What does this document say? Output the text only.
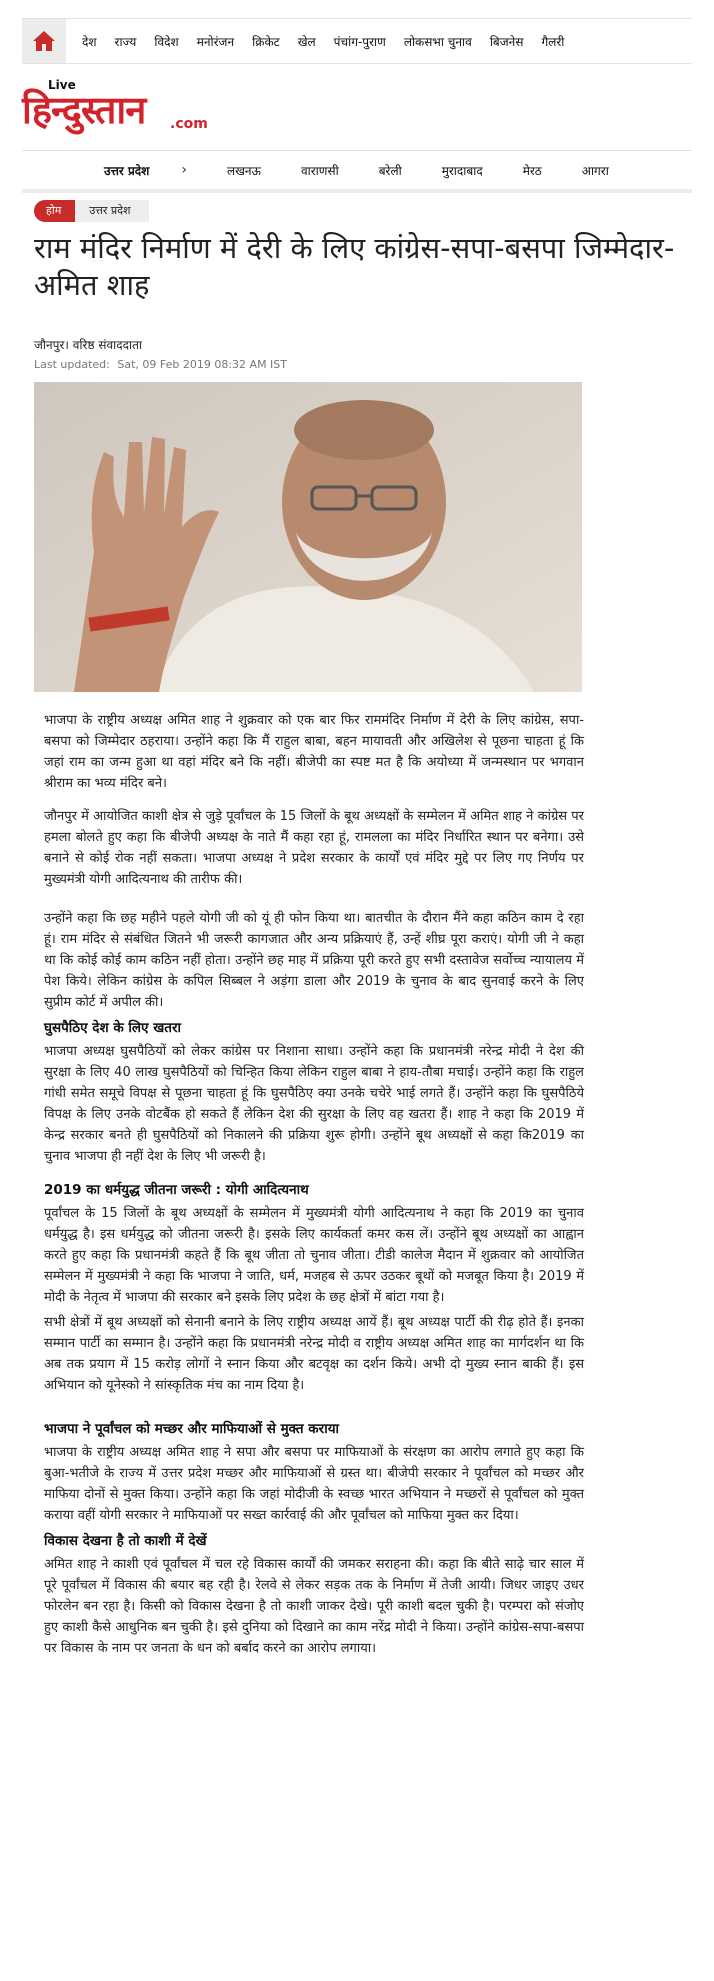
देश राज्य विदेश मनोरंजन क्रिकेट खेल पंचांग-पुराण लोकसभा चुनाव बिजनेस गैलरी
Live
हिन्दुस्तान .com
उत्तर प्रदेश ›	लखनऊ	वाराणसी	बरेली	मुरादाबाद	मेरठ	आगरा
होम	उत्तर प्रदेश
राम मंदिर निर्माण में देरी के लिए कांग्रेस-सपा-बसपा जिम्मेदार- अमित शाह
जौनपुर। वरिष्ठ संवाददाता
Last updated: Sat, 09 Feb 2019 08:32 AM IST

भाजपा के राष्ट्रीय अध्यक्ष अमित शाह ने शुक्रवार को एक बार फिर राममंदिर निर्माण में देरी के लिए कांग्रेस, सपा-बसपा को जिम्मेदार ठहराया। उन्होंने कहा कि मैं राहुल बाबा, बहन मायावती और अखिलेश से पूछना चाहता हूं कि जहां राम का जन्म हुआ था वहां मंदिर बने कि नहीं। बीजेपी का स्पष्ट मत है कि अयोध्या में जन्मस्थान पर भगवान श्रीराम का भव्य मंदिर बने।

जौनपुर में आयोजित काशी क्षेत्र से जुड़े पूर्वांचल के 15 जिलों के बूथ अध्यक्षों के सम्मेलन में अमित शाह ने कांग्रेस पर हमला बोलते हुए कहा कि बीजेपी अध्यक्ष के नाते मैं कहा रहा हूं, रामलला का मंदिर निर्धारित स्थान पर बनेगा। उसे बनाने से कोई रोक नहीं सकता। भाजपा अध्यक्ष ने प्रदेश सरकार के कार्यों एवं मंदिर मुद्दे पर लिए गए निर्णय पर मुख्यमंत्री योगी आदित्यनाथ की तारीफ की।

उन्होंने कहा कि छह महीने पहले योगी जी को यूं ही फोन किया था। बातचीत के दौरान मैंने कहा कठिन काम दे रहा हूं। राम मंदिर से संबंधित जितने भी जरूरी कागजात और अन्य प्रक्रियाएं हैं, उन्हें शीघ्र पूरा कराएं। योगी जी ने कहा था कि कोई कोई काम कठिन नहीं होता। उन्होंने छह माह में प्रक्रिया पूरी करते हुए सभी दस्तावेज सर्वोच्च न्यायालय में पेश किये। लेकिन कांग्रेस के कपिल सिब्बल ने अड़ंगा डाला और 2019 के चुनाव के बाद सुनवाई करने के लिए सुप्रीम कोर्ट में अपील की।

घुसपैठिए देश के लिए खतरा

भाजपा अध्यक्ष घुसपैठियों को लेकर कांग्रेस पर निशाना साधा। उन्होंने कहा कि प्रधानमंत्री नरेन्द्र मोदी ने देश की सुरक्षा के लिए 40 लाख घुसपैठियों को चिन्हित किया लेकिन राहुल बाबा ने हाय-तौबा मचाई। उन्होंने कहा कि राहुल गांधी समेत समूचे विपक्ष से पूछना चाहता हूं कि घुसपैठिए क्या उनके चचेरे भाई लगते हैं। उन्होंने कहा कि घुसपैठिये विपक्ष के लिए उनके वोटबैंक हो सकते हैं लेकिन देश की सुरक्षा के लिए वह खतरा हैं। शाह ने कहा कि 2019 में केन्द्र सरकार बनते ही घुसपैठियों को निकालने की प्रक्रिया शुरू होगी। उन्होंने बूथ अध्यक्षों से कहा कि2019 का चुनाव भाजपा ही नहीं देश के लिए भी जरूरी है।

2019 का धर्मयुद्ध जीतना जरूरी : योगी आदित्यनाथ

पूर्वांचल के 15 जिलों के बूथ अध्यक्षों के सम्मेलन में मुख्यमंत्री योगी आदित्यनाथ ने कहा कि 2019 का चुनाव धर्मयुद्ध है। इस धर्मयुद्ध को जीतना जरूरी है। इसके लिए कार्यकर्ता कमर कस लें। उन्होंने बूथ अध्यक्षों का आह्वान करते हुए कहा कि प्रधानमंत्री कहते हैं कि बूथ जीता तो चुनाव जीता। टीडी कालेज मैदान में शुक्रवार को आयोजित सम्मेलन में मुख्यमंत्री ने कहा कि भाजपा ने जाति, धर्म, मजहब से ऊपर उठकर बूथों को मजबूत किया है। 2019 में मोदी के नेतृत्व में भाजपा की सरकार बने इसके लिए प्रदेश के छह क्षेत्रों में बांटा गया है।

सभी क्षेत्रों में बूथ अध्यक्षों को सेनानी बनाने के लिए राष्ट्रीय अध्यक्ष आयें हैं। बूथ अध्यक्ष पार्टी की रीढ़ होते हैं। इनका सम्मान पार्टी का सम्मान है। उन्होंने कहा कि प्रधानमंत्री नरेन्द्र मोदी व राष्ट्रीय अध्यक्ष अमित शाह का मार्गदर्शन था कि अब तक प्रयाग में 15 करोड़ लोगों ने स्नान किया और बटवृक्ष का दर्शन किये। अभी दो मुख्य स्नान बाकी हैं। इस अभियान को यूनेस्को ने सांस्कृतिक मंच का नाम दिया है।

भाजपा ने पूर्वांचल को मच्छर और माफियाओं से मुक्त कराया

भाजपा के राष्ट्रीय अध्यक्ष अमित शाह ने सपा और बसपा पर माफियाओं के संरक्षण का आरोप लगाते हुए कहा कि बुआ-भतीजे के राज्य में उत्तर प्रदेश मच्छर और माफियाओं से ग्रस्त था। बीजेपी सरकार ने पूर्वांचल को मच्छर और माफिया दोनों से मुक्त किया। उन्होंने कहा कि जहां मोदीजी के स्वच्छ भारत अभियान ने मच्छरों से पूर्वांचल को मुक्त कराया वहीं योगी सरकार ने माफियाओं पर सख्त कार्रवाई की और पूर्वांचल को माफिया मुक्त कर दिया।

विकास देखना है तो काशी में देखें

अमित शाह ने काशी एवं पूर्वांचल में चल रहे विकास कार्यों की जमकर सराहना की। कहा कि बीते साढ़े चार साल में पूरे पूर्वांचल में विकास की बयार बह रही है। रेलवे से लेकर सड़क तक के निर्माण में तेजी आयी। जिधर जाइए उधर फोरलेन बन रहा है। किसी को विकास देखना है तो काशी जाकर देखे। पूरी काशी बदल चुकी है। परम्परा को संजोए हुए काशी कैसे आधुनिक बन चुकी है। इसे दुनिया को दिखाने का काम नरेंद्र मोदी ने किया। उन्होंने कांग्रेस-सपा-बसपा पर विकास के नाम पर जनता के धन को बर्बाद करने का आरोप लगाया।
